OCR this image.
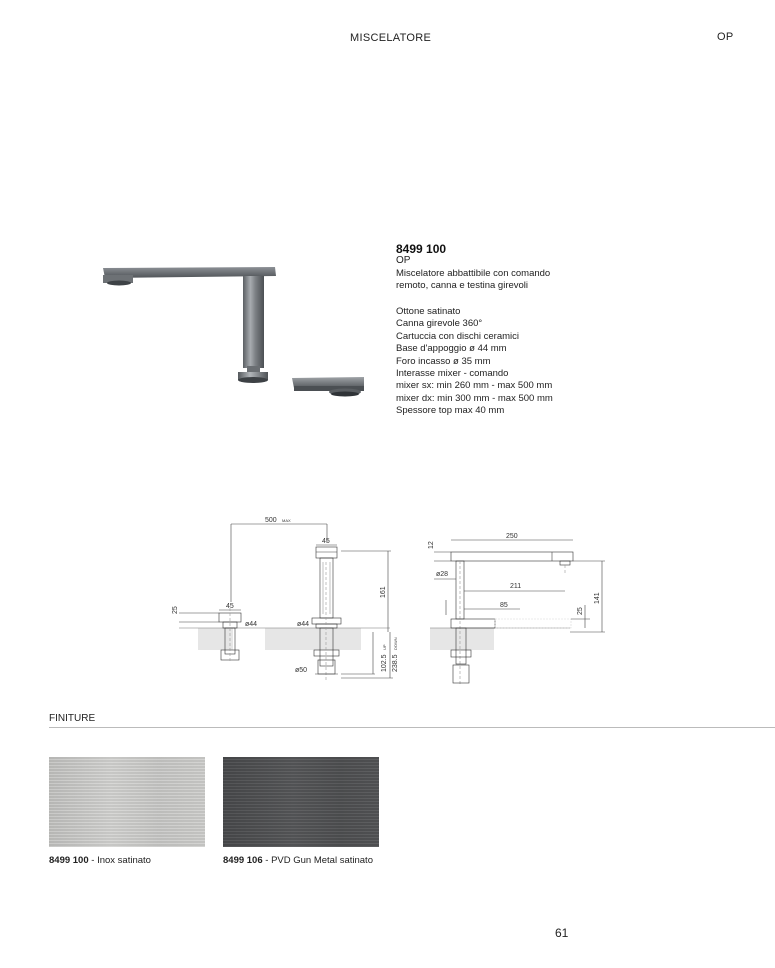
MISCELATORE	OP
8499 100
OP
Miscelatore abbattibile con comando
remoto, canna e testina girevoli
Ottone satinato
Canna girevole 360°
Cartuccia con dischi ceramici
Base d'appoggio ø 44 mm
Foro incasso ø 35 mm
Interasse mixer - comando
mixer sx: min 260 mm - max 500 mm
mixer dx: min 300 mm - max 500 mm
Spessore top max 40 mm
500 MAX
45
ø44
161
102.5
UP
238.5
DOWN
ø50
45
ø44
25
250
12
ø28
211
85
25
141
FINITURE
8499 100 - Inox satinato	8499 106 - PVD Gun Metal satinato
61
